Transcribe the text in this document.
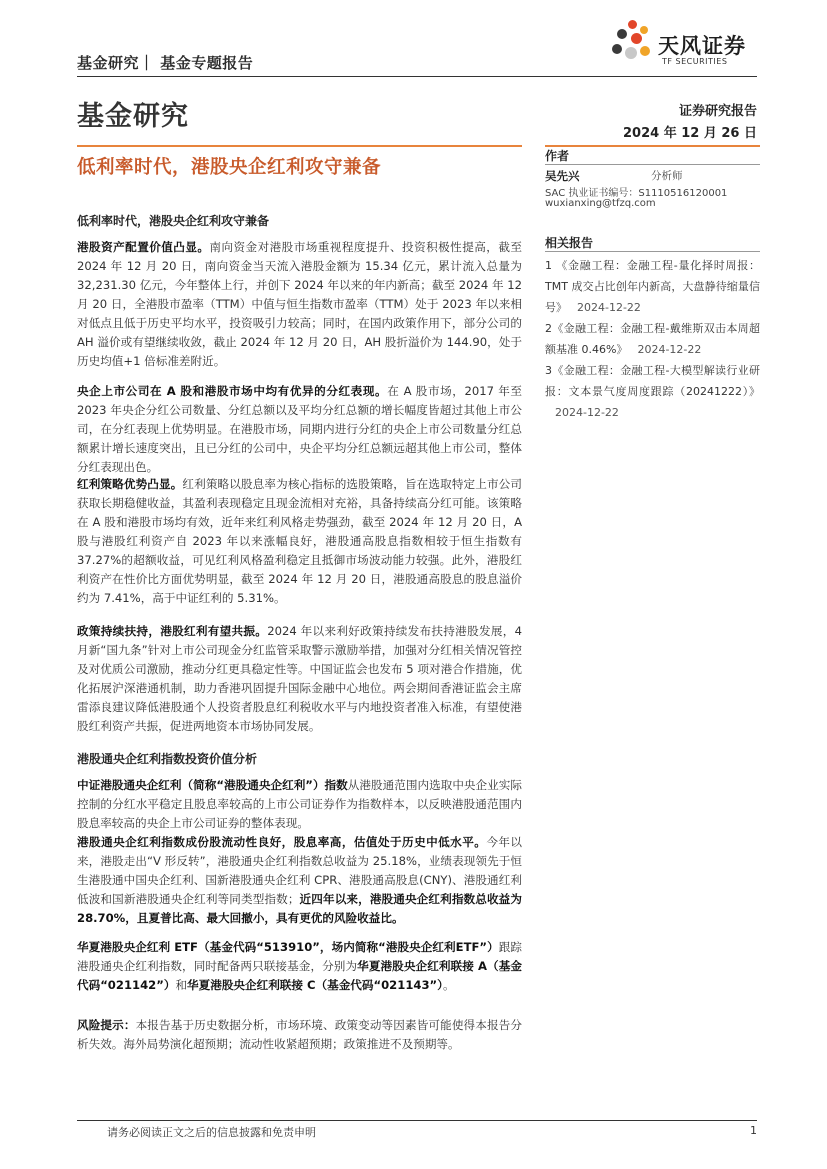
基金研究｜ 基金专题报告
天风证券
TF SECURITIES
基金研究	证券研究报告
2024 年 12 月 26 日
低利率时代，港股央企红利攻守兼备
作者
吴先兴	分析师
SAC 执业证书编号：S1110516120001
wuxianxing@tfzq.com
相关报告
1 《金融工程：金融工程-量化择时周报：TMT 成交占比创年内新高，大盘静待缩量信号》 2024-12-22
2《金融工程：金融工程-戴维斯双击本周超额基准 0.46%》 2024-12-22
3《金融工程：金融工程-大模型解读行业研报：文本景气度周度跟踪（20241222）》2024-12-22
低利率时代，港股央企红利攻守兼备
港股资产配置价值凸显。南向资金对港股市场重视程度提升、投资积极性提高，截至 2024 年 12 月 20 日，南向资金当天流入港股金额为 15.34 亿元，累计流入总量为 32,231.30 亿元，今年整体上行，并创下 2024 年以来的年内新高；截至 2024 年 12 月 20 日，全港股市盈率（TTM）中值与恒生指数市盈率（TTM）处于 2023 年以来相对低点且低于历史平均水平，投资吸引力较高；同时，在国内政策作用下，部分公司的 AH 溢价或有望继续收敛，截止 2024 年 12 月 20 日，AH 股折溢价为 144.90，处于历史均值+1 倍标准差附近。
央企上市公司在 A 股和港股市场中均有优异的分红表现。在 A 股市场，2017 年至 2023 年央企分红公司数量、分红总额以及平均分红总额的增长幅度皆超过其他上市公司，在分红表现上优势明显。在港股市场，同期内进行分红的央企上市公司数量分红总额累计增长速度突出，且已分红的公司中，央企平均分红总额远超其他上市公司，整体分红表现出色。
红利策略优势凸显。红利策略以股息率为核心指标的选股策略，旨在选取特定上市公司获取长期稳健收益，其盈利表现稳定且现金流相对充裕，具备持续高分红可能。该策略在 A 股和港股市场均有效，近年来红利风格走势强劲，截至 2024 年 12 月 20 日，A 股与港股红利资产自 2023 年以来涨幅良好，港股通高股息指数相较于恒生指数有 37.27%的超额收益，可见红利风格盈利稳定且抵御市场波动能力较强。此外，港股红利资产在性价比方面优势明显，截至 2024 年 12 月 20 日，港股通高股息的股息溢价约为 7.41%，高于中证红利的 5.31%。
政策持续扶持，港股红利有望共振。2024 年以来利好政策持续发布扶持港股发展，4 月新“国九条”针对上市公司现金分红监管采取警示激励举措，加强对分红相关情况管控及对优质公司激励，推动分红更具稳定性等。中国证监会也发布 5 项对港合作措施，优化拓展沪深港通机制，助力香港巩固提升国际金融中心地位。两会期间香港证监会主席雷添良建议降低港股通个人投资者股息红利税收水平与内地投资者准入标准，有望使港股红利资产共振，促进两地资本市场协同发展。
港股通央企红利指数投资价值分析
中证港股通央企红利（简称“港股通央企红利”）指数从港股通范围内选取中央企业实际控制的分红水平稳定且股息率较高的上市公司证券作为指数样本，以反映港股通范围内股息率较高的央企上市公司证券的整体表现。
港股通央企红利指数成份股流动性良好，股息率高，估值处于历史中低水平。今年以来，港股走出“V 形反转”，港股通央企红利指数总收益为 25.18%，业绩表现领先于恒生港股通中国央企红利、国新港股通央企红利 CPR、港股通高股息(CNY)、港股通红利低波和国新港股通央企红利等同类型指数；近四年以来，港股通央企红利指数总收益为 28.70%，且夏普比高、最大回撤小，具有更优的风险收益比。
华夏港股央企红利 ETF（基金代码“513910”，场内简称“港股央企红利ETF”）跟踪港股通央企红利指数，同时配备两只联接基金，分别为华夏港股央企红利联接 A（基金代码“021142”）和华夏港股央企红利联接 C（基金代码“021143”）。
风险提示：本报告基于历史数据分析，市场环境、政策变动等因素皆可能使得本报告分析失效。海外局势演化超预期；流动性收紧超预期；政策推进不及预期等。
请务必阅读正文之后的信息披露和免责申明	1
